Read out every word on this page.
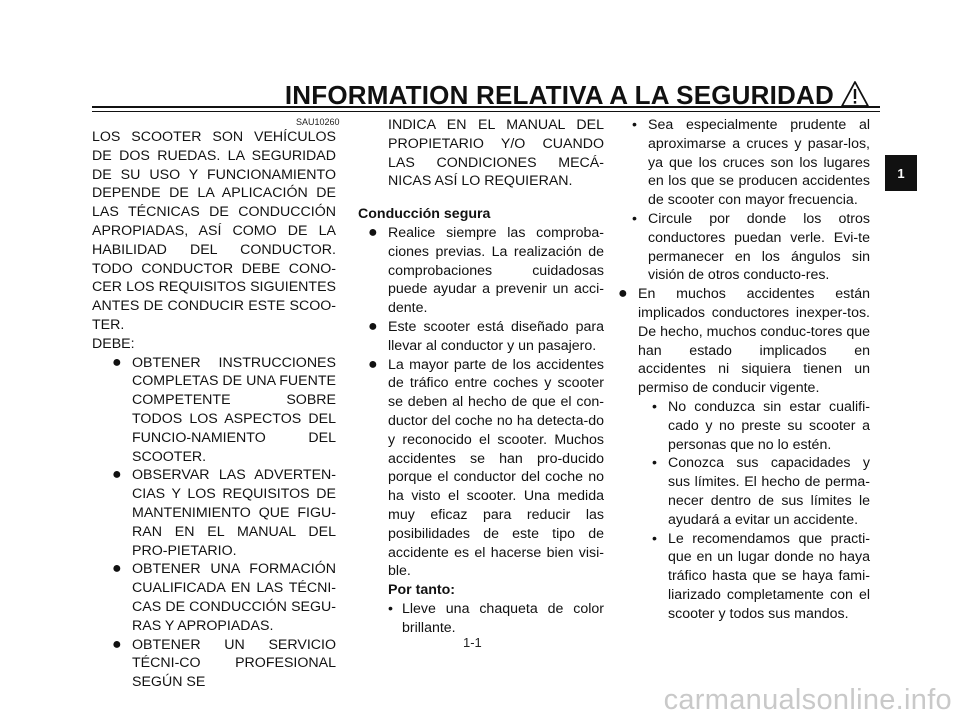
INFORMATION RELATIVA A LA SEGURIDAD
SAU10260

LOS SCOOTER SON VEHÍCULOS DE DOS RUEDAS. LA SEGURIDAD DE SU USO Y FUNCIONAMIENTO DEPENDE DE LA APLICACIÓN DE LAS TÉCNICAS DE CONDUCCIÓN APROPIADAS, ASÍ COMO DE LA HABILIDAD DEL CONDUCTOR. TODO CONDUCTOR DEBE CONO-CER LOS REQUISITOS SIGUIENTES ANTES DE CONDUCIR ESTE SCOO-TER.

DEBE:

● OBTENER INSTRUCCIONES COMPLETAS DE UNA FUENTE COMPETENTE SOBRE TODOS LOS ASPECTOS DEL FUNCIO-NAMIENTO DEL SCOOTER.

● OBSERVAR LAS ADVERTEN-CIAS Y LOS REQUISITOS DE MANTENIMIENTO QUE FIGU-RAN EN EL MANUAL DEL PRO-PIETARIO.

● OBTENER UNA FORMACIÓN CUALIFICADA EN LAS TÉCNI-CAS DE CONDUCCIÓN SEGU-RAS Y APROPIADAS.

● OBTENER UN SERVICIO TÉCNI-CO PROFESIONAL SEGÚN SE

INDICA EN EL MANUAL DEL PROPIETARIO Y/O CUANDO LAS CONDICIONES MECÁ-NICAS ASÍ LO REQUIERAN.

Conducción segura

● Realice siempre las comproba-ciones previas. La realización de comprobaciones cuidadosas puede ayudar a prevenir un acci-dente.

● Este scooter está diseñado para llevar al conductor y un pasajero.

● La mayor parte de los accidentes de tráfico entre coches y scooter se deben al hecho de que el con-ductor del coche no ha detecta-do y reconocido el scooter. Muchos accidentes se han pro-ducido porque el conductor del coche no ha visto el scooter. Una medida muy eficaz para reducir las posibilidades de este tipo de accidente es el hacerse bien visi-ble.

Por tanto:

• Lleve una chaqueta de color brillante.

• Sea especialmente prudente al aproximarse a cruces y pasar-los, ya que los cruces son los lugares en los que se producen accidentes de scooter con mayor frecuencia.

• Circule por donde los otros conductores puedan verle. Evi-te permanecer en los ángulos sin visión de otros conducto-res.

● En muchos accidentes están implicados conductores inexper-tos. De hecho, muchos conduc-tores que han estado implicados en accidentes ni siquiera tienen un permiso de conducir vigente.

• No conduzca sin estar cualifi-cado y no preste su scooter a personas que no lo estén.

• Conozca sus capacidades y sus límites. El hecho de perma-necer dentro de sus límites le ayudará a evitar un accidente.

• Le recomendamos que practi-que en un lugar donde no haya tráfico hasta que se haya fami-liarizado completamente con el scooter y todos sus mandos.

1-1
1
carmanualsonline.info
